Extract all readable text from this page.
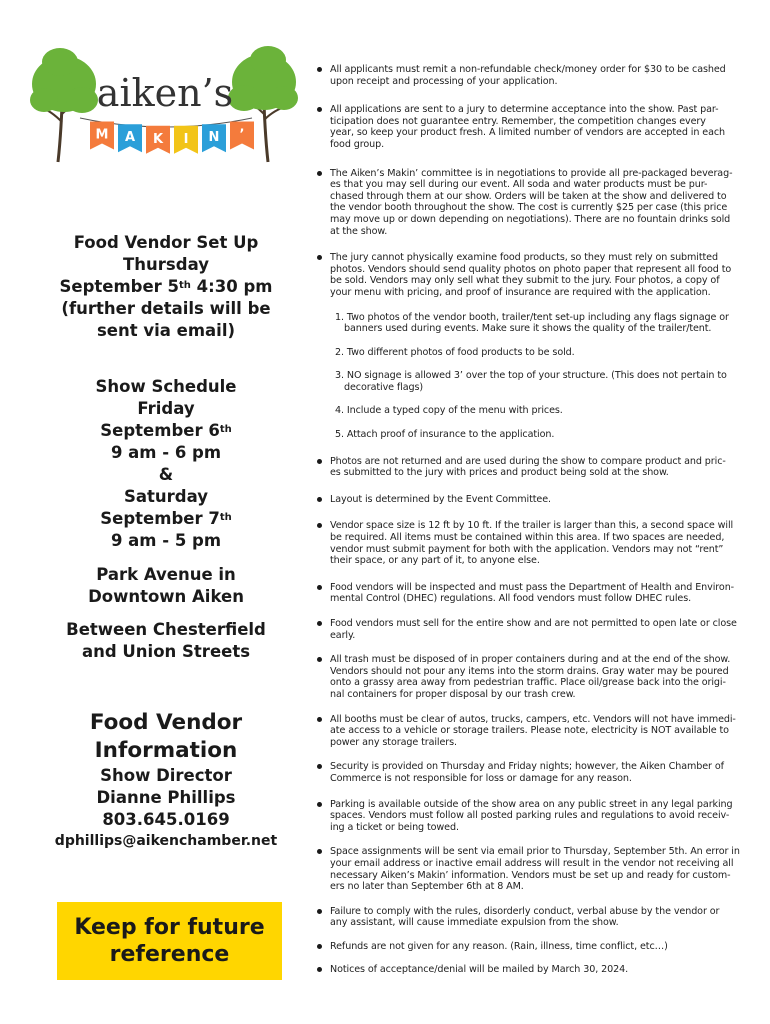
aiken’s
M A K I N ’
Food Vendor Set Up
Thursday
September 5th 4:30 pm
(further details will be
sent via email)
Show Schedule
Friday
September 6th
9 am - 6 pm
&
Saturday
September 7th
9 am - 5 pm
Park Avenue in
Downtown Aiken
Between Chesterfield
and Union Streets
Food Vendor Information
Show Director
Dianne Phillips
803.645.0169
dphillips@aikenchamber.net
Keep for future
reference
All applicants must remit a non-refundable check/money order for $30 to be cashed
upon receipt and processing of your application.
All applications are sent to a jury to determine acceptance into the show. Past par-
ticipation does not guarantee entry. Remember, the competition changes every
year, so keep your product fresh. A limited number of vendors are accepted in each
food group.
The Aiken’s Makin’ committee is in negotiations to provide all pre-packaged beverag-
es that you may sell during our event. All soda and water products must be pur-
chased through them at our show. Orders will be taken at the show and delivered to
the vendor booth throughout the show. The cost is currently $25 per case (this price
may move up or down depending on negotiations). There are no fountain drinks sold
at the show.
The jury cannot physically examine food products, so they must rely on submitted
photos. Vendors should send quality photos on photo paper that represent all food to
be sold. Vendors may only sell what they submit to the jury. Four photos, a copy of
your menu with pricing, and proof of insurance are required with the application.
1. Two photos of the vendor booth, trailer/tent set-up including any flags signage or
banners used during events. Make sure it shows the quality of the trailer/tent.
2. Two different photos of food products to be sold.
3. NO signage is allowed 3’ over the top of your structure. (This does not pertain to
decorative flags)
4. Include a typed copy of the menu with prices.
5. Attach proof of insurance to the application.
Photos are not returned and are used during the show to compare product and pric-
es submitted to the jury with prices and product being sold at the show.
Layout is determined by the Event Committee.
Vendor space size is 12 ft by 10 ft. If the trailer is larger than this, a second space will
be required. All items must be contained within this area. If two spaces are needed,
vendor must submit payment for both with the application. Vendors may not “rent”
their space, or any part of it, to anyone else.
Food vendors will be inspected and must pass the Department of Health and Environ-
mental Control (DHEC) regulations. All food vendors must follow DHEC rules.
Food vendors must sell for the entire show and are not permitted to open late or close
early.
All trash must be disposed of in proper containers during and at the end of the show.
Vendors should not pour any items into the storm drains. Gray water may be poured
onto a grassy area away from pedestrian traffic. Place oil/grease back into the origi-
nal containers for proper disposal by our trash crew.
All booths must be clear of autos, trucks, campers, etc. Vendors will not have immedi-
ate access to a vehicle or storage trailers. Please note, electricity is NOT available to
power any storage trailers.
Security is provided on Thursday and Friday nights; however, the Aiken Chamber of
Commerce is not responsible for loss or damage for any reason.
Parking is available outside of the show area on any public street in any legal parking
spaces. Vendors must follow all posted parking rules and regulations to avoid receiv-
ing a ticket or being towed.
Space assignments will be sent via email prior to Thursday, September 5th. An error in
your email address or inactive email address will result in the vendor not receiving all
necessary Aiken’s Makin’ information. Vendors must be set up and ready for custom-
ers no later than September 6th at 8 AM.
Failure to comply with the rules, disorderly conduct, verbal abuse by the vendor or
any assistant, will cause immediate expulsion from the show.
Refunds are not given for any reason. (Rain, illness, time conflict, etc…)
Notices of acceptance/denial will be mailed by March 30, 2024.
